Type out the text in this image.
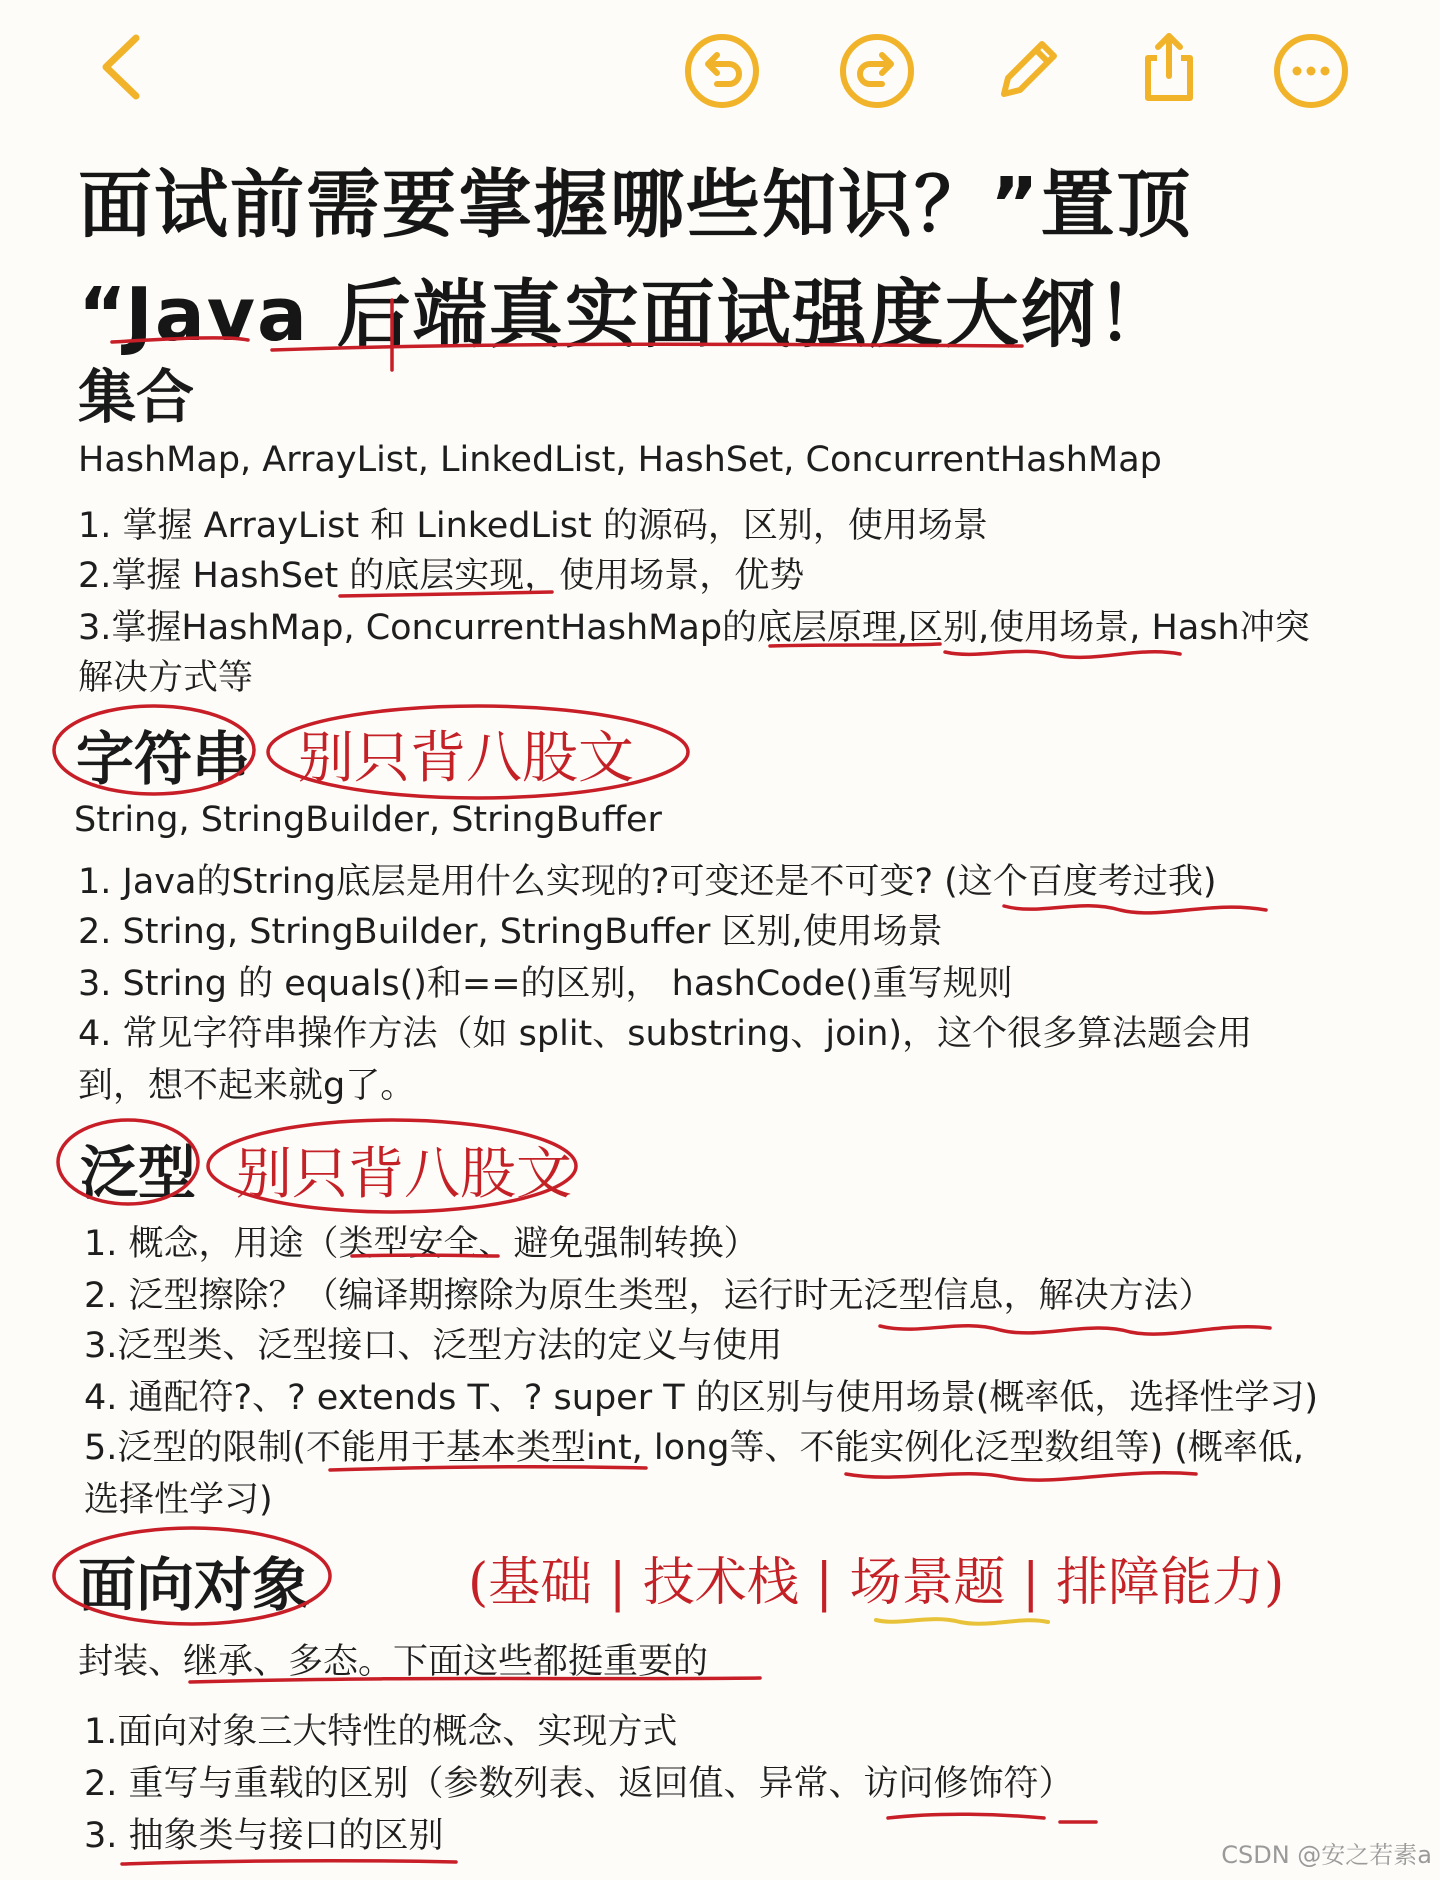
面试前需要掌握哪些知识？”置顶
“Java 后端真实面试强度大纲！
集合
HashMap, ArrayList, LinkedList, HashSet, ConcurrentHashMap
1. 掌握 ArrayList 和 LinkedList 的源码，区别，使用场景
2.掌握 HashSet 的底层实现，使用场景，优势
3.掌握HashMap, ConcurrentHashMap的底层原理,区别,使用场景, Hash冲突
解决方式等
字符串 别只背八股文
String, StringBuilder, StringBuffer
1. Java的String底层是用什么实现的?可变还是不可变? (这个百度考过我)
2. String, StringBuilder, StringBuffer 区别,使用场景
3. String 的 equals()和==的区别， hashCode()重写规则
4. 常见字符串操作方法（如 split、substring、join)，这个很多算法题会用
到，想不起来就g了。
泛型 别只背八股文
1. 概念，用途（类型安全、避免强制转换）
2. 泛型擦除？（编译期擦除为原生类型，运行时无泛型信息，解决方法）
3.泛型类、泛型接口、泛型方法的定义与使用
4. 通配符?、? extends T、? super T 的区别与使用场景(概率低，选择性学习)
5.泛型的限制(不能用于基本类型int, long等、不能实例化泛型数组等) (概率低,
选择性学习)
面向对象	(基础 | 技术栈 | 场景题 | 排障能力)
封装、继承、多态。下面这些都挺重要的
1.面向对象三大特性的概念、实现方式
2. 重写与重载的区别（参数列表、返回值、异常、访问修饰符）
3. 抽象类与接口的区别	CSDN @安之若素a
